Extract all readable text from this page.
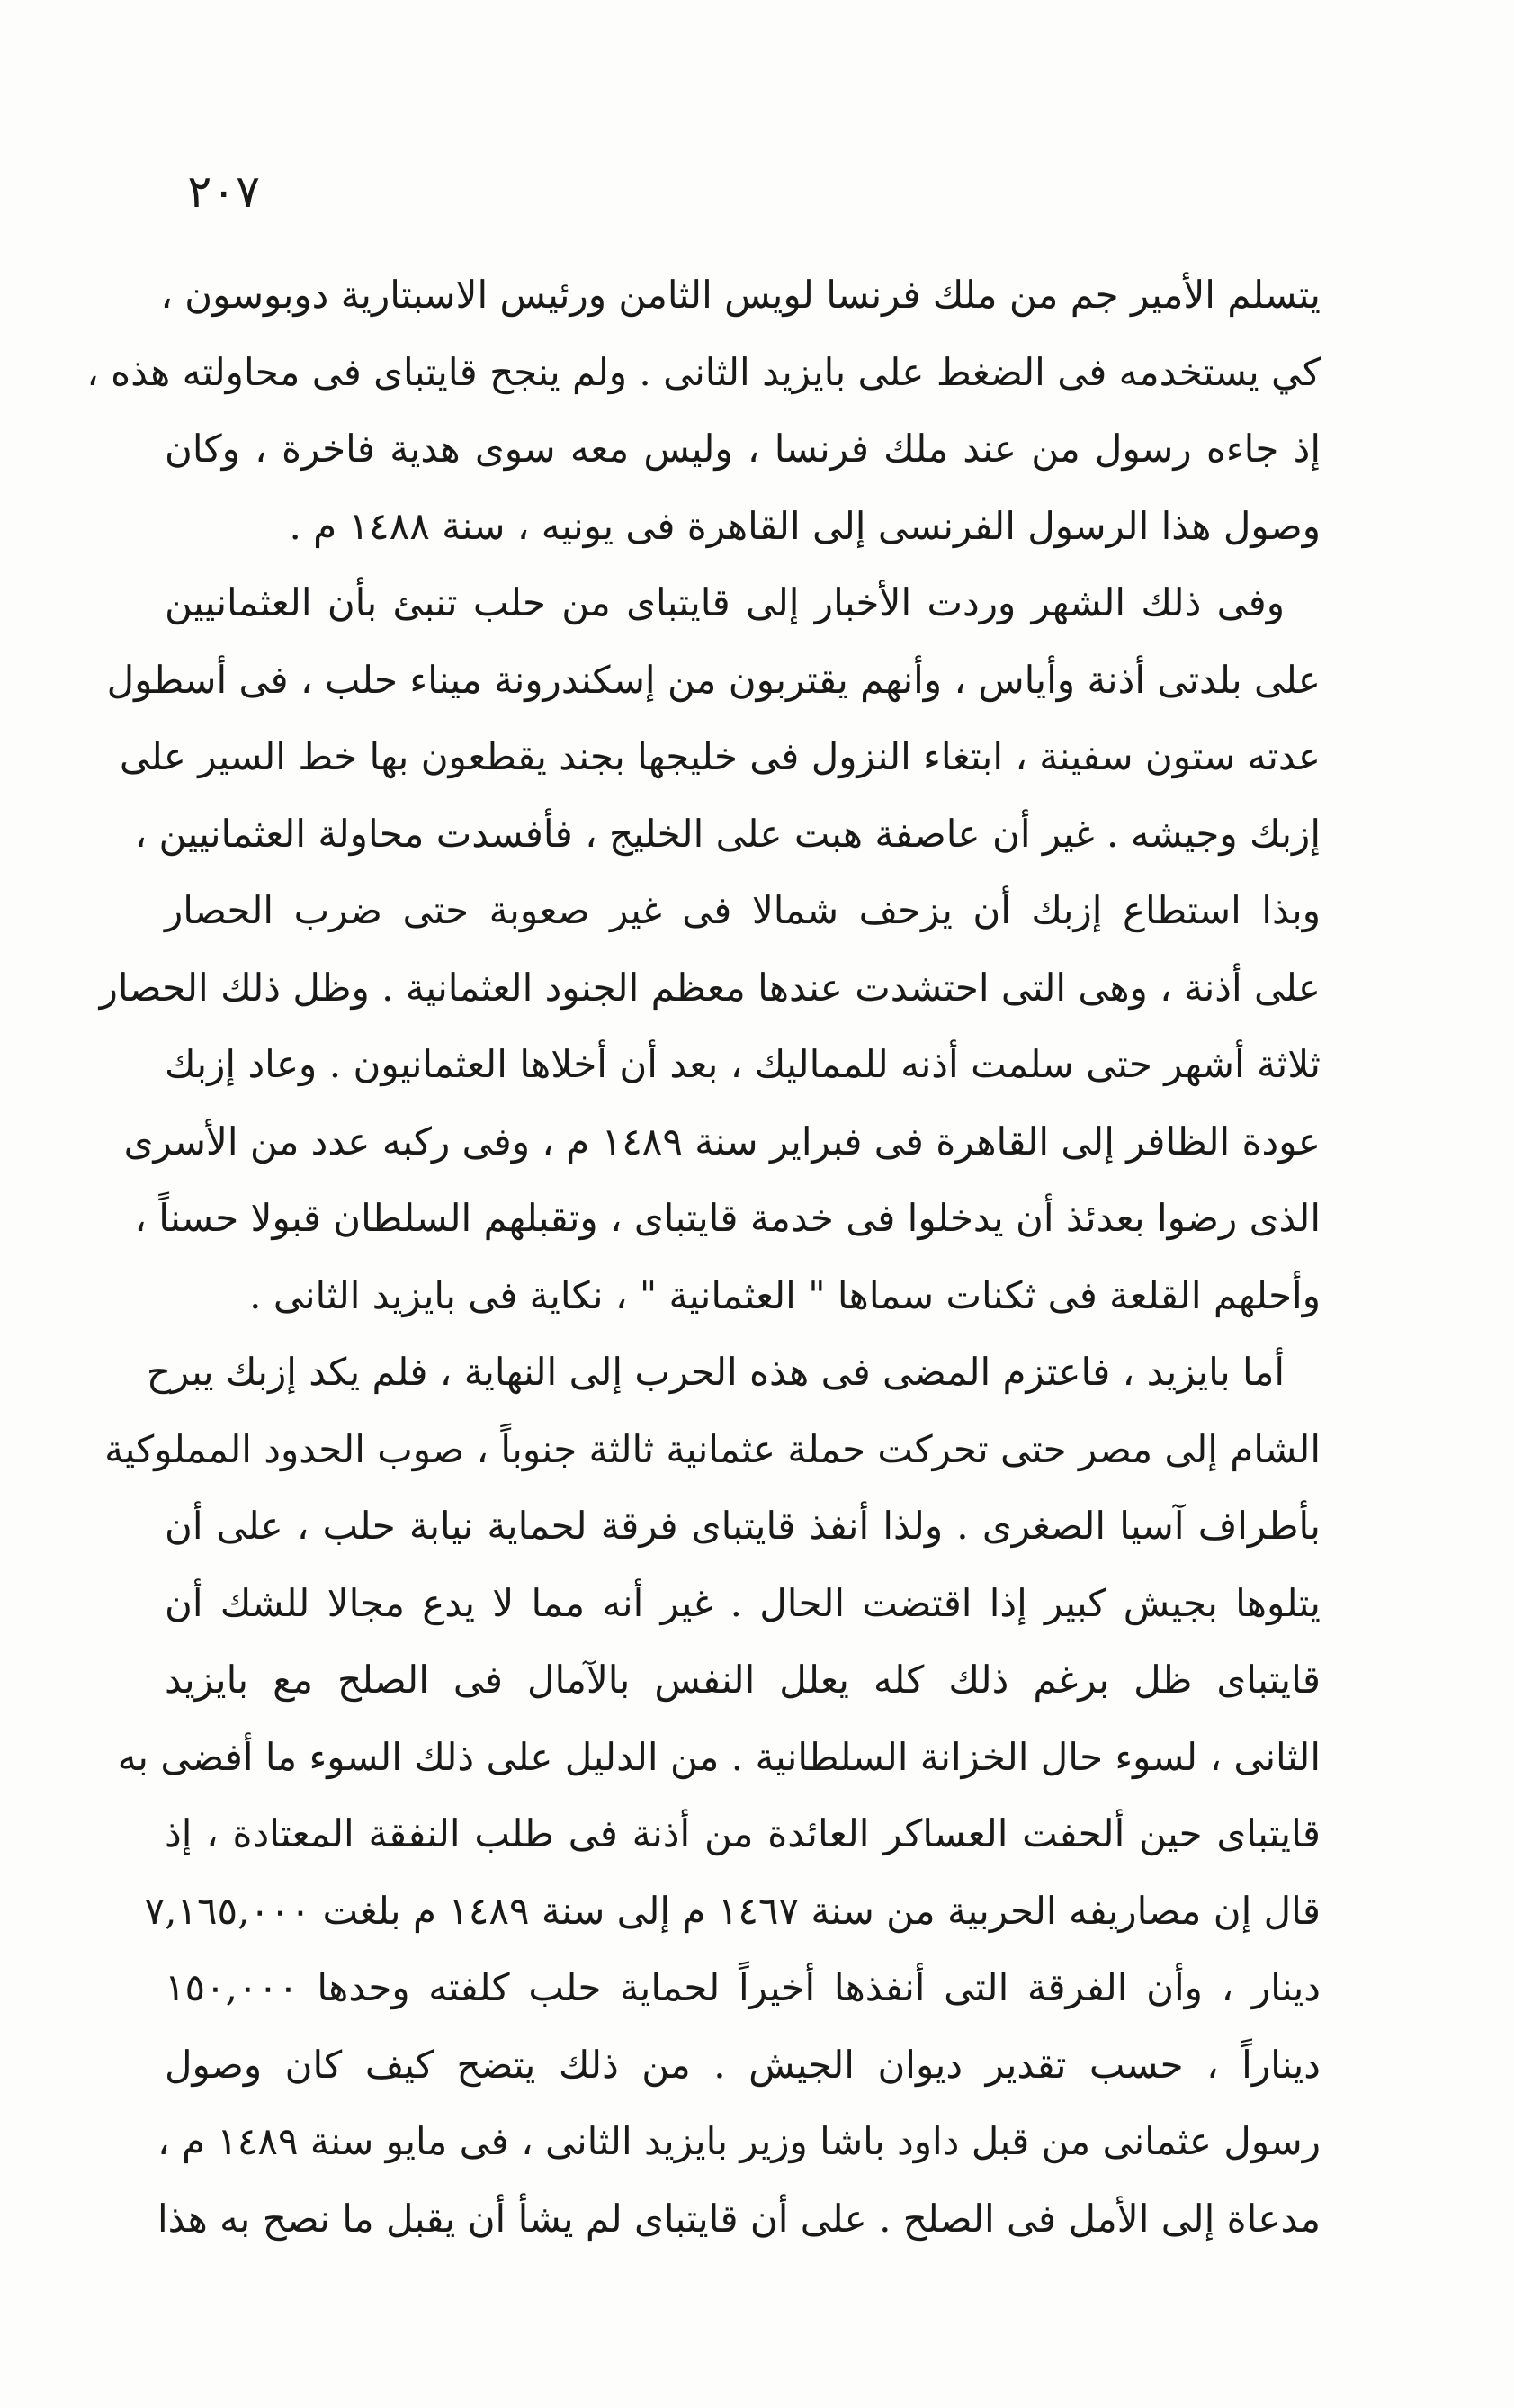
٢٠٧
يتسلم الأمير جم من ملك فرنسا لويس الثامن ورئيس الاسبتارية دوبوسون ،
كي يستخدمه فى الضغط على بايزيد الثانى . ولم ينجح قايتباى فى محاولته هذه ،
إذ جاءه رسول من عند ملك فرنسا ، وليس معه سوى هدية فاخرة ، وكان
وصول هذا الرسول الفرنسى إلى القاهرة فى يونيه ، سنة ١٤٨٨ م .
وفى ذلك الشهر وردت الأخبار إلى قايتباى من حلب تنبئ بأن العثمانيين
على بلدتى أذنة وأياس ، وأنهم يقتربون من إسكندرونة ميناء حلب ، فى أسطول
عدته ستون سفينة ، ابتغاء النزول فى خليجها بجند يقطعون بها خط السير على
إزبك وجيشه . غير أن عاصفة هبت على الخليج ، فأفسدت محاولة العثمانيين ،
وبذا استطاع إزبك أن يزحف شمالا فى غير صعوبة حتى ضرب الحصار
على أذنة ، وهى التى احتشدت عندها معظم الجنود العثمانية . وظل ذلك الحصار
ثلاثة أشهر حتى سلمت أذنه للمماليك ، بعد أن أخلاها العثمانيون . وعاد إزبك
عودة الظافر إلى القاهرة فى فبراير سنة ١٤٨٩ م ، وفى ركبه عدد من الأسرى
الذى رضوا بعدئذ أن يدخلوا فى خدمة قايتباى ، وتقبلهم السلطان قبولا حسناً ،
وأحلهم القلعة فى ثكنات سماها " العثمانية " ، نكاية فى بايزيد الثانى .
أما بايزيد ، فاعتزم المضى فى هذه الحرب إلى النهاية ، فلم يكد إزبك يبرح
الشام إلى مصر حتى تحركت حملة عثمانية ثالثة جنوباً ، صوب الحدود المملوكية
بأطراف آسيا الصغرى . ولذا أنفذ قايتباى فرقة لحماية نيابة حلب ، على أن
يتلوها بجيش كبير إذا اقتضت الحال . غير أنه مما لا يدع مجالا للشك أن
قايتباى ظل برغم ذلك كله يعلل النفس بالآمال فى الصلح مع بايزيد
الثانى ، لسوء حال الخزانة السلطانية . من الدليل على ذلك السوء ما أفضى به
قايتباى حين ألحفت العساكر العائدة من أذنة فى طلب النفقة المعتادة ، إذ
قال إن مصاريفه الحربية من سنة ١٤٦٧ م إلى سنة ١٤٨٩ م بلغت ٧,١٦٥,٠٠٠
دينار ، وأن الفرقة التى أنفذها أخيراً لحماية حلب كلفته وحدها ١٥٠,٠٠٠
ديناراً ، حسب تقدير ديوان الجيش . من ذلك يتضح كيف كان وصول
رسول عثمانى من قبل داود باشا وزير بايزيد الثانى ، فى مايو سنة ١٤٨٩ م ،
مدعاة إلى الأمل فى الصلح . على أن قايتباى لم يشأ أن يقبل ما نصح به هذا
